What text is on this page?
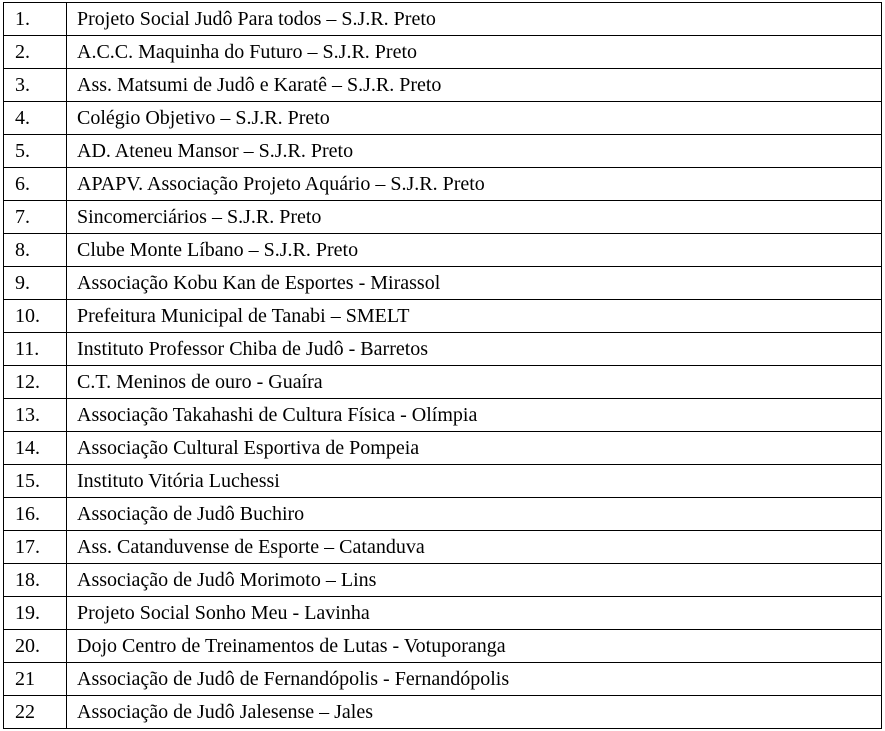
1.	Projeto Social Judô Para todos – S.J.R. Preto
2.	A.C.C. Maquinha do Futuro – S.J.R. Preto
3.	Ass. Matsumi de Judô e Karatê – S.J.R. Preto
4.	Colégio Objetivo – S.J.R. Preto
5.	AD. Ateneu Mansor – S.J.R. Preto
6.	APAPV. Associação Projeto Aquário – S.J.R. Preto
7.	Sincomerciários – S.J.R. Preto
8.	Clube Monte Líbano – S.J.R. Preto
9.	Associação Kobu Kan de Esportes - Mirassol
10.	Prefeitura Municipal de Tanabi – SMELT
11.	Instituto Professor Chiba de Judô - Barretos
12.	C.T. Meninos de ouro - Guaíra
13.	Associação Takahashi de Cultura Física - Olímpia
14.	Associação Cultural Esportiva de Pompeia
15.	Instituto Vitória Luchessi
16.	Associação de Judô Buchiro
17.	Ass. Catanduvense de Esporte – Catanduva
18.	Associação de Judô Morimoto – Lins
19.	Projeto Social Sonho Meu - Lavinha
20.	Dojo Centro de Treinamentos de Lutas - Votuporanga
21	Associação de Judô de Fernandópolis - Fernandópolis
22	Associação de Judô Jalesense – Jales
